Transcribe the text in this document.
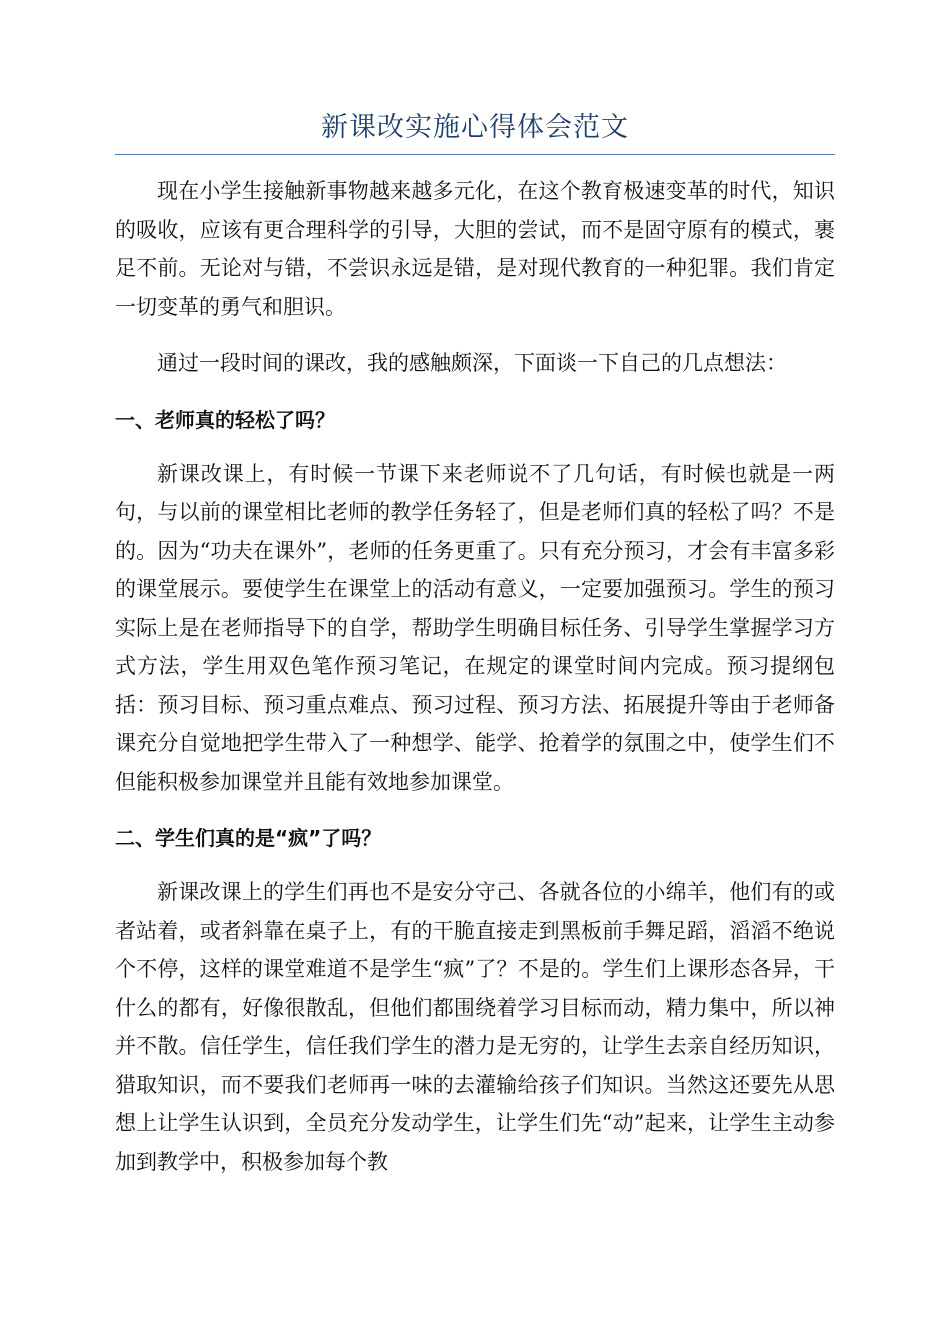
新课改实施心得体会范文

现在小学生接触新事物越来越多元化，在这个教育极速变革的时代，知识的吸收，应该有更合理科学的引导，大胆的尝试，而不是固守原有的模式，裹足不前。无论对与错，不尝识永远是错，是对现代教育的一种犯罪。我们肯定一切变革的勇气和胆识。

通过一段时间的课改，我的感触颇深，下面谈一下自己的几点想法：

一、老师真的轻松了吗？

新课改课上，有时候一节课下来老师说不了几句话，有时候也就是一两句，与以前的课堂相比老师的教学任务轻了，但是老师们真的轻松了吗？不是的。因为“功夫在课外”，老师的任务更重了。只有充分预习，才会有丰富多彩的课堂展示。要使学生在课堂上的活动有意义，一定要加强预习。学生的预习实际上是在老师指导下的自学，帮助学生明确目标任务、引导学生掌握学习方式方法，学生用双色笔作预习笔记，在规定的课堂时间内完成。预习提纲包括：预习目标、预习重点难点、预习过程、预习方法、拓展提升等由于老师备课充分自觉地把学生带入了一种想学、能学、抢着学的氛围之中，使学生们不但能积极参加课堂并且能有效地参加课堂。

二、学生们真的是“疯”了吗？

新课改课上的学生们再也不是安分守己、各就各位的小绵羊，他们有的或者站着，或者斜靠在桌子上，有的干脆直接走到黑板前手舞足蹈，滔滔不绝说个不停，这样的课堂难道不是学生“疯”了？不是的。学生们上课形态各异，干什么的都有，好像很散乱，但他们都围绕着学习目标而动，精力集中，所以神并不散。信任学生，信任我们学生的潜力是无穷的，让学生去亲自经历知识，猎取知识，而不要我们老师再一味的去灌输给孩子们知识。当然这还要先从思想上让学生认识到，全员充分发动学生，让学生们先“动”起来，让学生主动参加到教学中，积极参加每个教
